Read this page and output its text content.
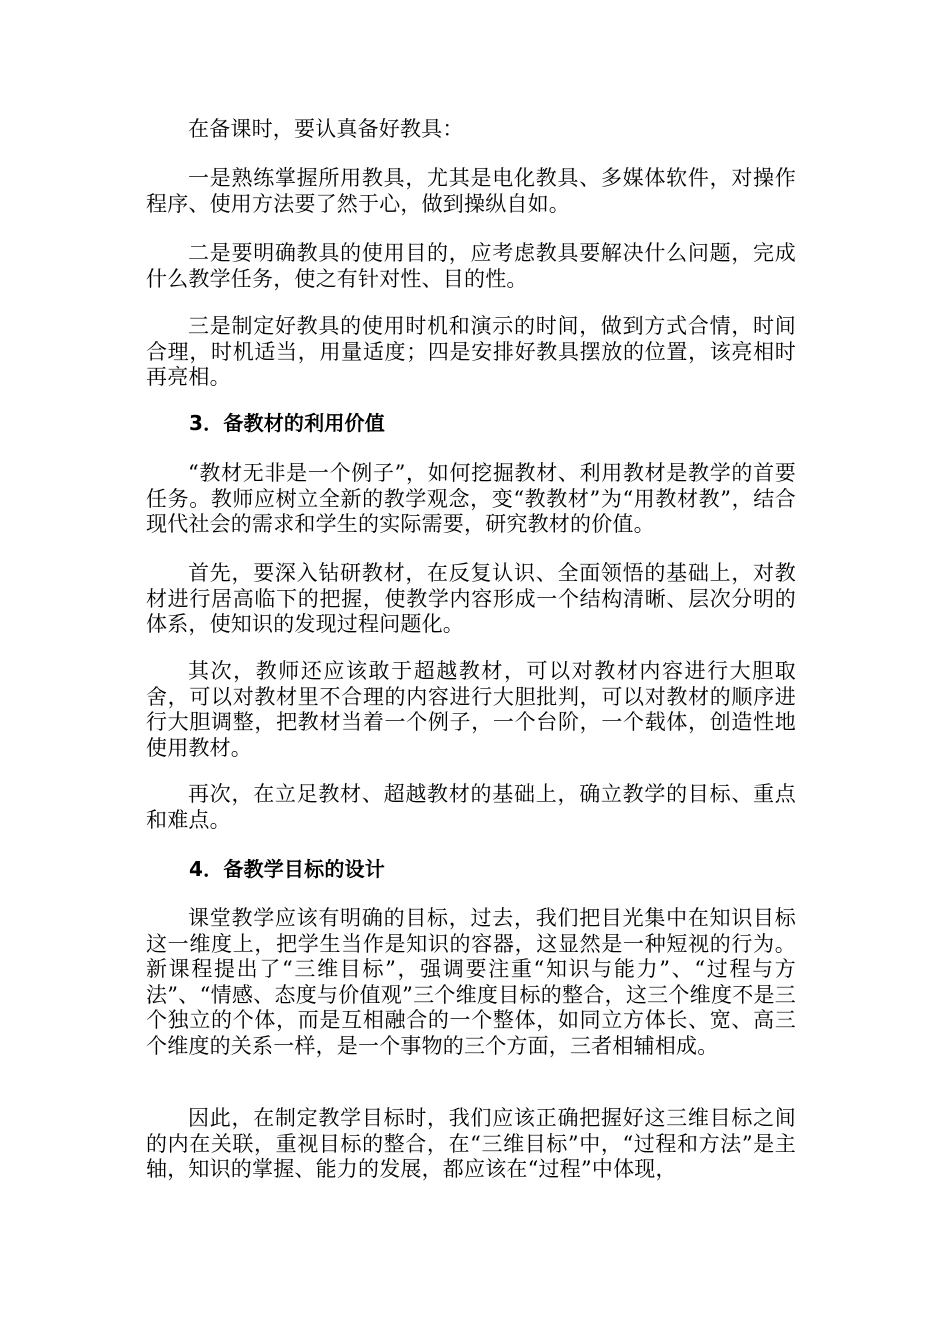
在备课时，要认真备好教具：
一是熟练掌握所用教具，尤其是电化教具、多媒体软件，对操作程序、使用方法要了然于心，做到操纵自如。
二是要明确教具的使用目的，应考虑教具要解决什么问题，完成什么教学任务，使之有针对性、目的性。
三是制定好教具的使用时机和演示的时间，做到方式合情，时间合理，时机适当，用量适度；四是安排好教具摆放的位置，该亮相时再亮相。
3．备教材的利用价值
“教材无非是一个例子”，如何挖掘教材、利用教材是教学的首要任务。教师应树立全新的教学观念，变“教教材”为“用教材教”，结合现代社会的需求和学生的实际需要，研究教材的价值。
首先，要深入钻研教材，在反复认识、全面领悟的基础上，对教材进行居高临下的把握，使教学内容形成一个结构清晰、层次分明的体系，使知识的发现过程问题化。
其次，教师还应该敢于超越教材，可以对教材内容进行大胆取舍，可以对教材里不合理的内容进行大胆批判，可以对教材的顺序进行大胆调整，把教材当着一个例子，一个台阶，一个载体，创造性地使用教材。
再次，在立足教材、超越教材的基础上，确立教学的目标、重点和难点。
4．备教学目标的设计
课堂教学应该有明确的目标，过去，我们把目光集中在知识目标这一维度上，把学生当作是知识的容器，这显然是一种短视的行为。新课程提出了“三维目标”，强调要注重“知识与能力”、“过程与方法”、“情感、态度与价值观”三个维度目标的整合，这三个维度不是三个独立的个体，而是互相融合的一个整体，如同立方体长、宽、高三个维度的关系一样，是一个事物的三个方面，三者相辅相成。
因此，在制定教学目标时，我们应该正确把握好这三维目标之间的内在关联，重视目标的整合，在“三维目标”中，“过程和方法”是主轴，知识的掌握、能力的发展，都应该在“过程”中体现，
